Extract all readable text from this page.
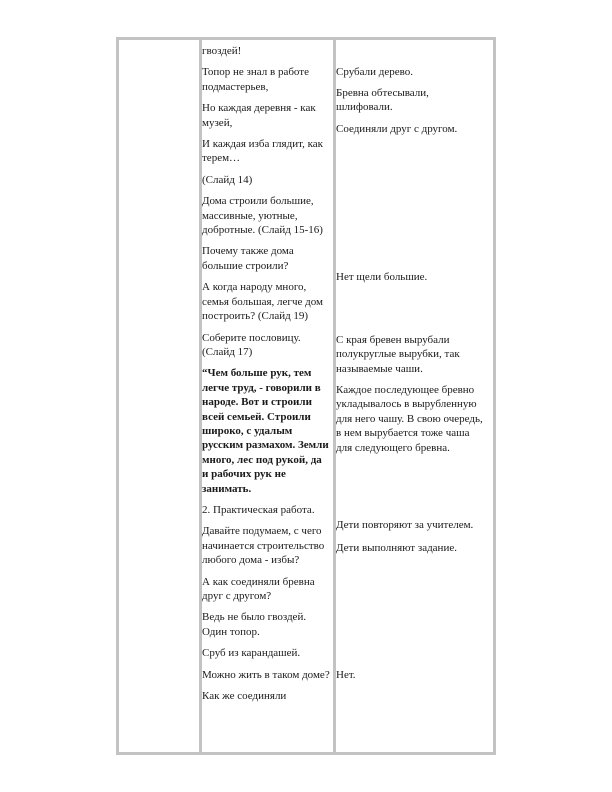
гвоздей!

Топор не знал в работе подмастерьев,

Но каждая деревня - как музей,

И каждая изба глядит, как терем…

(Слайд 14)

Дома строили большие, массивные, уютные, добротные. (Слайд 15-16)

Почему также дома большие строили?

А когда народу много, семья большая, легче дом построить? (Слайд 19)

Соберите пословицу. (Слайд 17)

“Чем больше рук, тем легче труд, - говорили в народе. Вот и строили всей семьей. Строили широко, с удалым русским размахом. Земли много, лес под рукой, да и рабочих рук не занимать.

2. Практическая работа.

Давайте подумаем, с чего начинается строительство любого дома - избы?

А как соединяли бревна друг с другом?

Ведь не было гвоздей. Один топор.

Сруб из карандашей.

Можно жить в таком доме?

Как же соединяли

Срубали дерево.

Бревна обтесывали, шлифовали.

Соединяли друг с другом.

Нет щели большие.

С края бревен вырубали полукруглые вырубки, так называемые чаши.

Каждое последующее бревно укладывалось в вырубленную для него чашу. В свою очередь, в нем вырубается тоже чаша для следующего бревна.

Дети повторяют за учителем.

Дети выполняют задание.

Нет.
